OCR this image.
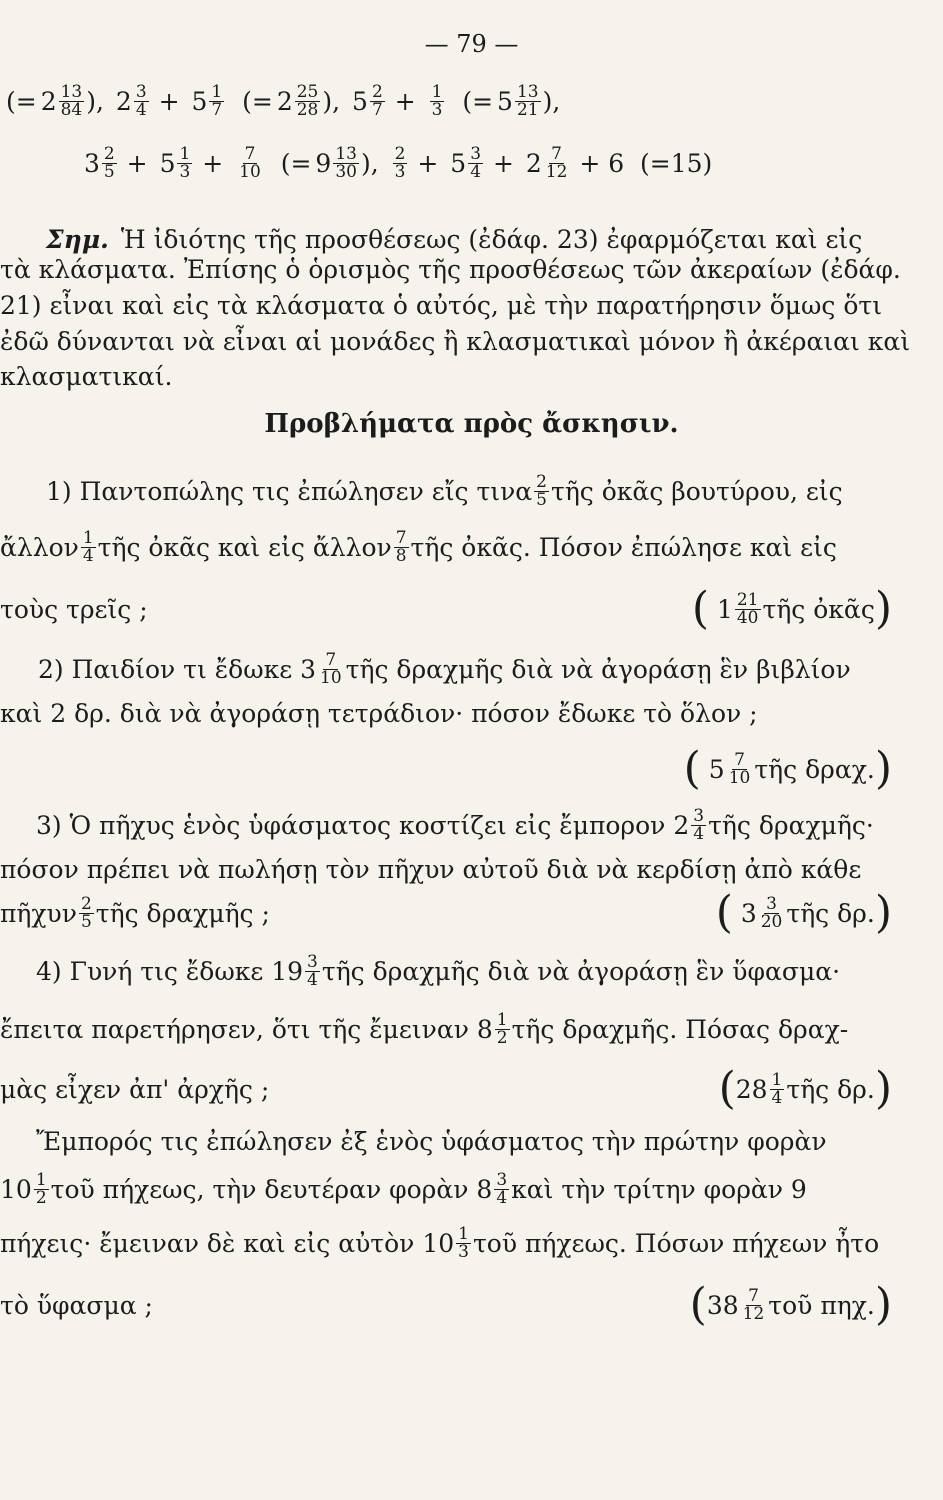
— 79 —
(= $2 \frac{13}{84}$ ), $2 \frac{3}{4} + 5 \frac{1}{7}$
(= $2 \frac{25}{28}$ ), $5 \frac{2}{7} + \frac{1}{3}$
(= $5 \frac{13}{21}$ ),
$3 \frac{2}{5} + 5 \frac{1}{3} + \frac{7}{10}$
(= $9 \frac{13}{30}$ ), $\frac{2}{3} + 5 \frac{3}{4} + 2 \frac{7}{12} + 6$  (=15)
Σημ. Ἡ ἰδιότης τῆς προσθέσεως (ἐδάφ. 23) ἐφαρμόζεται καὶ εἰς
τὰ κλάσματα. Ἐπίσης ὁ ὁρισμὸς τῆς προσθέσεως τῶν ἀκεραίων (ἐδάφ.
21) εἶναι καὶ εἰς τὰ κλάσματα ὁ αὐτός, μὲ τὴν παρατήρησιν ὅμως ὅτι
ἐδῶ δύνανται νὰ εἶναι αἱ μονάδες ἢ κλασματικαὶ μόνον ἢ ἀκέραιαι καὶ
κλασματικαί.
Προβλήματα πρὸς ἄσκησιν.
1) Παντοπώλης τις ἐπώλησεν εἴς τινα $\frac{2}{5}$ τῆς ὀκᾶς βουτύρου, εἰς
ἄλλον $\frac{1}{4}$ τῆς ὀκᾶς καὶ εἰς ἄλλον $\frac{7}{8}$ τῆς ὀκᾶς. Πόσον ἐπώλησε καὶ εἰς
τοὺς τρεῖς ;	(
$1 \frac{21}{40}$ τῆς ὀκᾶς )
2) Παιδίον τι ἔδωκε $3 \frac{7}{10}$ τῆς δραχμῆς διὰ νὰ ἀγοράσῃ ἓν βιβλίον
καὶ 2 δρ. διὰ νὰ ἀγοράσῃ τετράδιον· πόσον ἔδωκε τὸ ὅλον ;
(
$5 \frac{7}{10}$ τῆς δραχ. )
3) Ὁ πῆχυς ἑνὸς ὑφάσματος κοστίζει εἰς ἔμπορον $2 \frac{3}{4}$ τῆς δραχμῆς·
πόσον πρέπει νὰ πωλήσῃ τὸν πῆχυν αὐτοῦ διὰ νὰ κερδίσῃ ἀπὸ κάθε
πῆχυν $\frac{2}{5}$ τῆς δραχμῆς ;	(
$3 \frac{3}{20}$ τῆς δρ. )
4) Γυνή τις ἔδωκε $19 \frac{3}{4}$ τῆς δραχμῆς διὰ νὰ ἀγοράσῃ ἓν ὕφασμα·
ἔπειτα παρετήρησεν, ὅτι τῆς ἔμειναν $8 \frac{1}{2}$ τῆς δραχμῆς. Πόσας δραχ-
μὰς εἶχεν ἀπ' ἀρχῆς ;	( $28 \frac{1}{4}$ τῆς δρ. )
Ἔμπορός τις ἐπώλησεν ἐξ ἑνὸς ὑφάσματος τὴν πρώτην φορὰν
$10 \frac{1}{2}$ τοῦ πήχεως, τὴν δευτέραν φορὰν $8 \frac{3}{4}$ καὶ τὴν τρίτην φορὰν 9
πήχεις· ἔμειναν δὲ καὶ εἰς αὐτὸν $10 \frac{1}{3}$ τοῦ πήχεως. Πόσων πήχεων ἦτο
τὸ ὕφασμα ;	( $38 \frac{7}{12}$ τοῦ πηχ. )
